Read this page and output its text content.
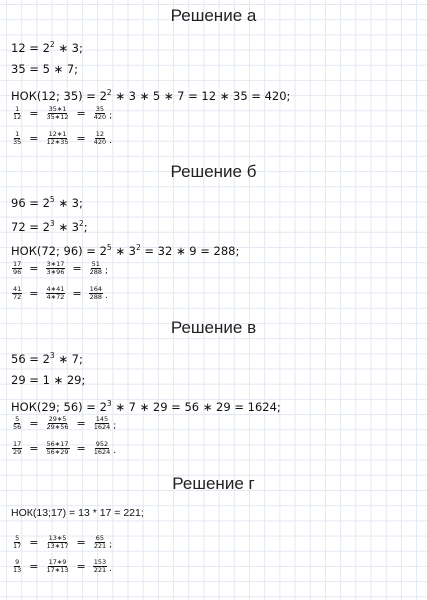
Решение а
$12 = 2^2$ ∗ 3;
35 = 5 ∗ 7;
НОК(12; $35) = 2^2$ ∗ 3 ∗ 5 ∗ 7 = 12 ∗ 35 = 420;
$\frac{1}{12} = \frac{35∗1}{35∗12} = \frac{35}{420}$ ;
$\frac{1}{35} = \frac{12∗1}{12∗35} = \frac{12}{420}$ .
Решение б
$96 = 2^5$ ∗ 3;
$72 = 2^3$ ∗ $3^2$;
НОК(72; $96) = 2^5$ ∗ $3^2 = 32$ ∗ 9 = 288;
$\frac{17}{96} = \frac{3∗17}{3∗96} = \frac{51}{288}$ ;
$\frac{41}{72} = \frac{4∗41}{4∗72} = \frac{164}{288}$ .
Решение в
$56 = 2^3$ ∗ 7;
29 = 1 ∗ 29;
НОК(29; $56) = 2^3$ ∗ 7 ∗ 29 = 56 ∗ 29 = 1624;
$\frac{5}{56} = \frac{29∗5}{29∗56} = \frac{145}{1624}$ ;
$\frac{17}{29} = \frac{56∗17}{56∗29} = \frac{952}{1624}$ .
Решение г
НОК(13;17) = 13 * 17 = 221;
$\frac{5}{17} = \frac{13∗5}{13∗17} = \frac{65}{221}$ ;
$\frac{9}{13} = \frac{17∗9}{17∗13} = \frac{153}{221}$ .
